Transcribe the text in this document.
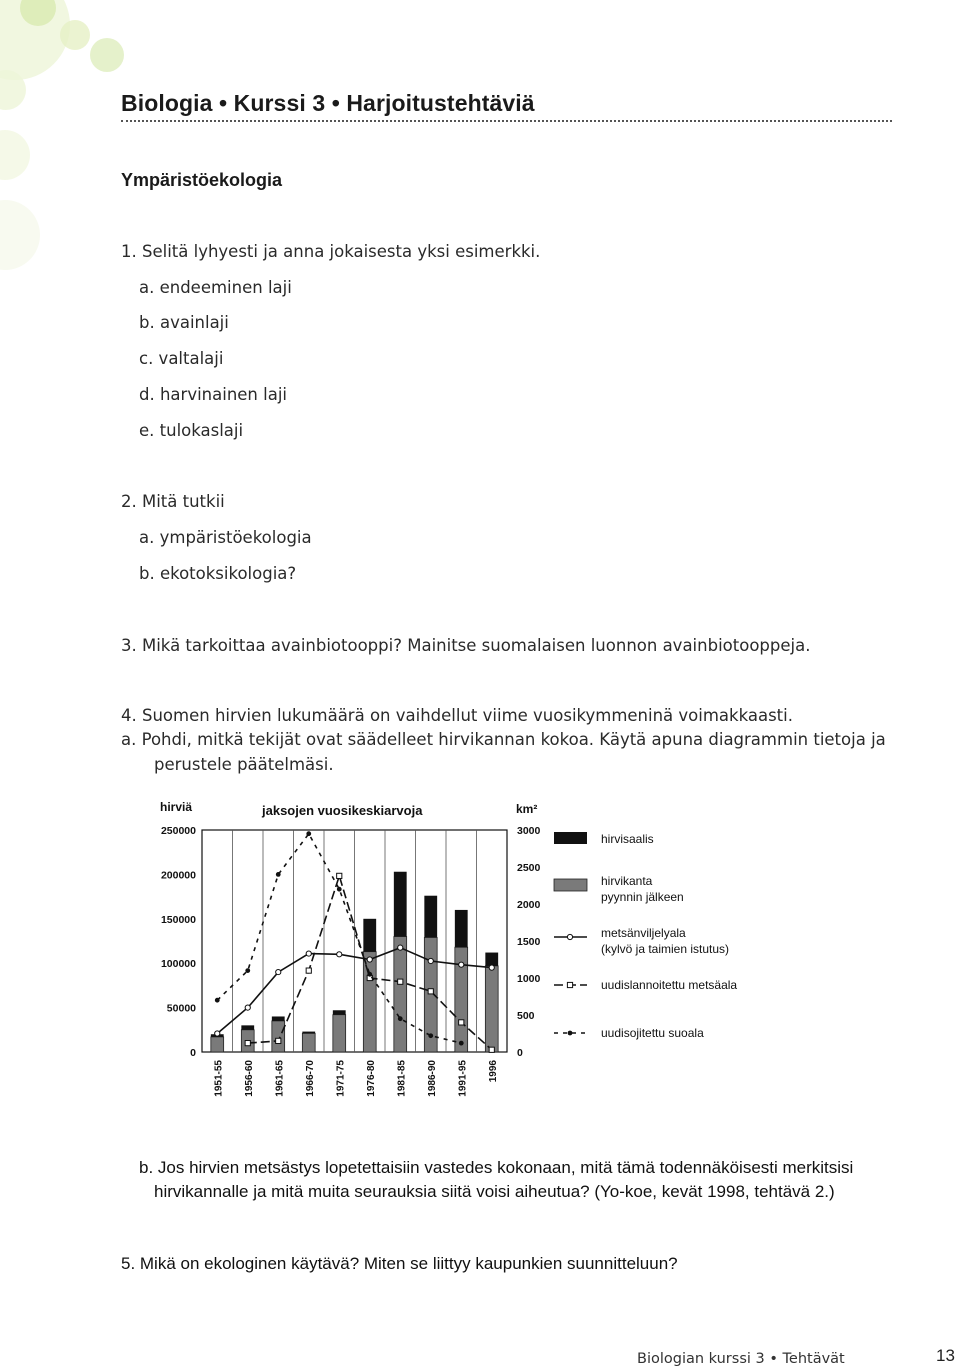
Biologia • Kurssi 3 • Harjoitustehtäviä
Ympäristöekologia
1. Selitä lyhyesti ja anna jokaisesta yksi esimerkki.
a. endeeminen laji
b. avainlaji
c. valtalaji
d. harvinainen laji
e. tulokaslaji
2. Mitä tutkii
a. ympäristöekologia
b. ekotoksikologia?
3. Mikä tarkoittaa avainbiotooppi? Mainitse suomalaisen luonnon avainbiotooppeja.
4. Suomen hirvien lukumäärä on vaihdellut viime vuosikymmeninä voimakkaasti.
a. Pohdi, mitkä tekijät ovat säädelleet hirvikannan kokoa. Käytä apuna diagrammin tietoja ja
perustele päätelmäsi.
0
50000
100000
150000
200000
250000
0
500
1000
1500
2000
2500
3000
hirviä	jaksojen vuosikeskiarvoja	km²
1951-55 1956-60 1961-65 1966-70 1971-75 1976-80 1981-85 1986-90 1991-95 1996
hirvisaalis
hirvikanta
pyynnin jälkeen
metsänviljelyala
(kylvö ja taimien istutus)
uudislannoitettu metsäala
uudisojitettu suoala
b. Jos hirvien metsästys lopetettaisiin vastedes kokonaan, mitä tämä todennäköisesti merkitsisi
hirvikannalle ja mitä muita seurauksia siitä voisi aiheutua? (Yo-koe, kevät 1998, tehtävä 2.)
5. Mikä on ekologinen käytävä? Miten se liittyy kaupunkien suunnitteluun?
Biologian kurssi 3 • Tehtävät	13
